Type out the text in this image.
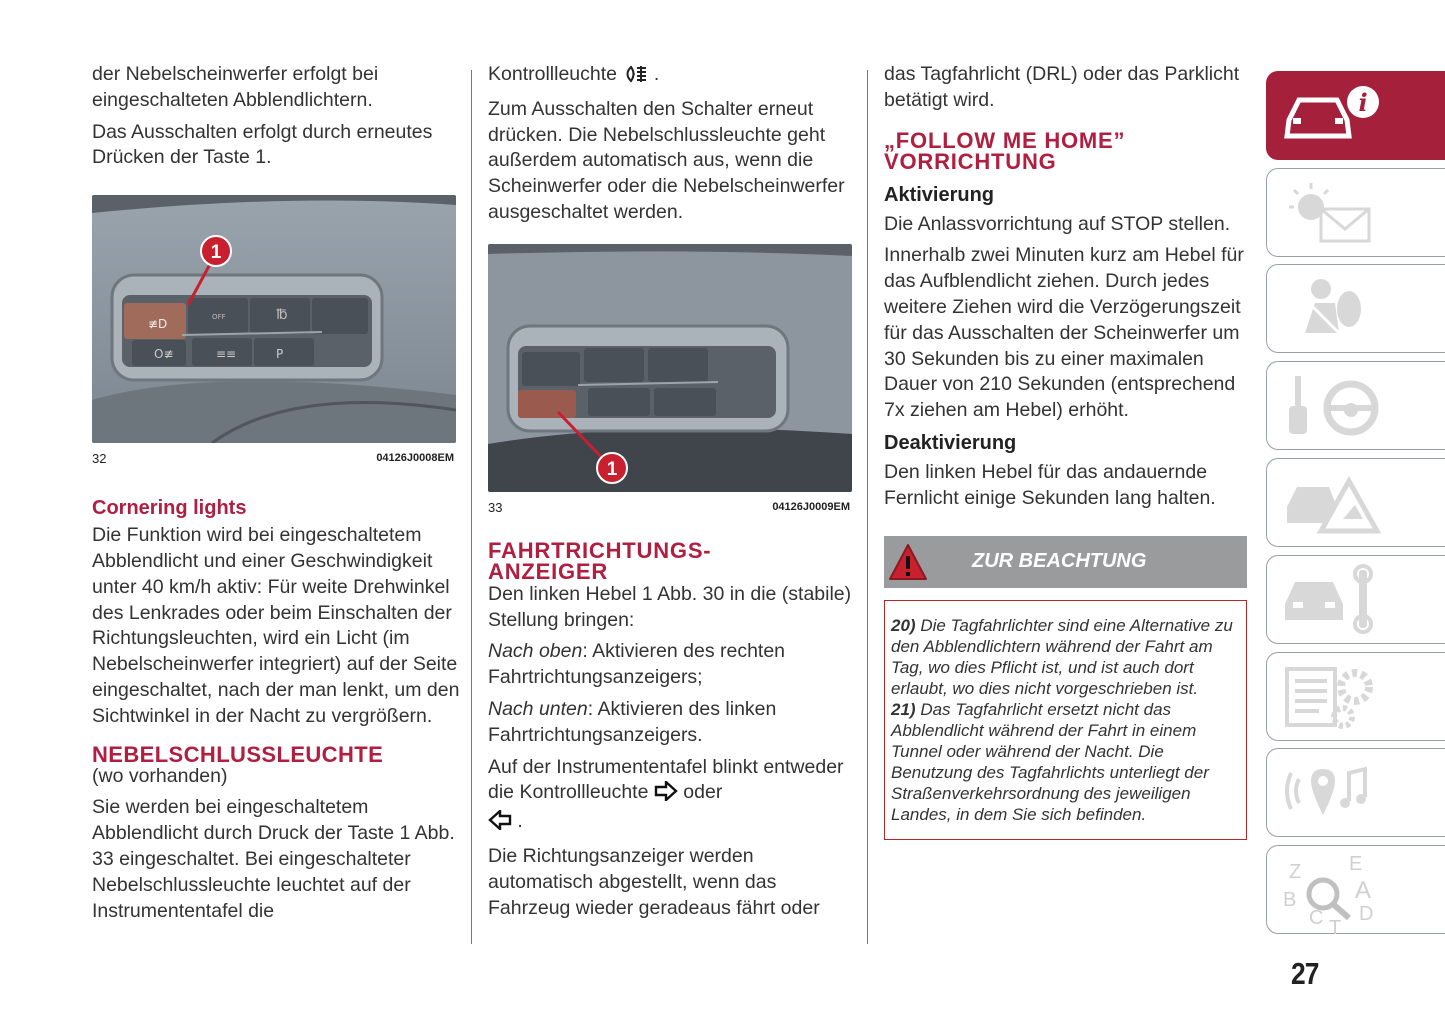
der Nebelscheinwerfer erfolgt bei eingeschalteten Abblendlichtern.

Das Ausschalten erfolgt durch erneutes Drücken der Taste 1.

≢D	OFF	℔
O≢	≡≡	P
1
32	04126J0008EM
Cornering lights

Die Funktion wird bei eingeschaltetem Abblendlicht und einer Geschwindigkeit unter 40 km/h aktiv: Für weite Drehwinkel des Lenkrades oder beim Einschalten der Richtungsleuchten, wird ein Licht (im Nebelscheinwerfer integriert) auf der Seite eingeschaltet, nach der man lenkt, um den Sichtwinkel in der Nacht zu vergrößern.

NEBELSCHLUSSLEUCHTE

(wo vorhanden)

Sie werden bei eingeschaltetem Abblendlicht durch Druck der Taste 1 Abb. 33 eingeschaltet. Bei eingeschalteter Nebelschlussleuchte leuchtet auf der Instrumententafel die

Kontrollleuchte .

Zum Ausschalten den Schalter erneut drücken. Die Nebelschlussleuchte geht außerdem automatisch aus, wenn die Scheinwerfer oder die Nebelscheinwerfer ausgeschaltet werden.

1
33	04126J0009EM
FAHRTRICHTUNGS-
ANZEIGER

Den linken Hebel 1 Abb. 30 in die (stabile) Stellung bringen:

Nach oben: Aktivieren des rechten Fahrtrichtungsanzeigers;

Nach unten: Aktivieren des linken Fahrtrichtungsanzeigers.

Auf der Instrumententafel blinkt entweder die Kontrollleuchte oder
.

Die Richtungsanzeiger werden automatisch abgestellt, wenn das Fahrzeug wieder geradeaus fährt oder

das Tagfahrlicht (DRL) oder das Parklicht betätigt wird.

„FOLLOW ME HOME”
VORRICHTUNG
Aktivierung

Die Anlassvorrichtung auf STOP stellen.

Innerhalb zwei Minuten kurz am Hebel für das Aufblendlicht ziehen. Durch jedes weitere Ziehen wird die Verzögerungszeit für das Ausschalten der Scheinwerfer um 30 Sekunden bis zu einer maximalen Dauer von 210 Sekunden (entsprechend 7x ziehen am Hebel) erhöht.

Deaktivierung

Den linken Hebel für das andauernde Fernlicht einige Sekunden lang halten.

ZUR BEACHTUNG
20) Die Tagfahrlichter sind eine Alternative zu den Abblendlichtern während der Fahrt am Tag, wo dies Pflicht ist, und ist auch dort erlaubt, wo dies nicht vorgeschrieben ist.
21) Das Tagfahrlicht ersetzt nicht das Abblendlicht während der Fahrt in einem Tunnel oder während der Nacht. Die Benutzung des Tagfahrlichts unterliegt der Straßenverkehrsordnung des jeweiligen Landes, in dem Sie sich befinden.
i
Z E
A
B
C T
D
27
